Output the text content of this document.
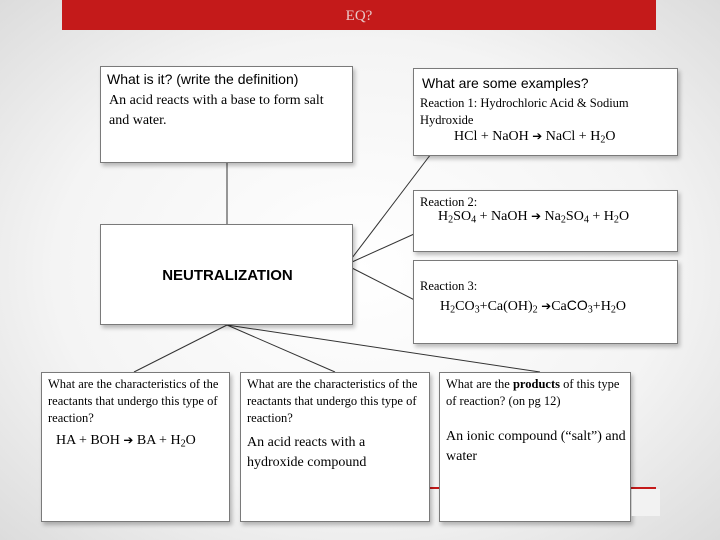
EQ?
What is it? (write the definition)
An acid reacts with a base to form salt and water.
What are some examples?
Reaction 1: Hydrochloric Acid & Sodium Hydroxide
HCl + NaOH ➔ NaCl + $H_2O$
Reaction 2:
$H_2SO_4$ + NaOH ➔ $Na_2SO_4 + H_2O$
NEUTRALIZATION
Reaction 3:
$H_2CO_3+Ca(OH)_2$ $➔CaCO_3+H_2O$
What are the characteristics of the reactants that undergo this type of reaction?
HA + BOH ➔ BA + $H_2O$
What are the characteristics of the reactants that undergo this type of reaction?
An acid reacts with a hydroxide compound
What are the products of this type of reaction? (on pg 12)
An ionic compound (“salt”) and water
